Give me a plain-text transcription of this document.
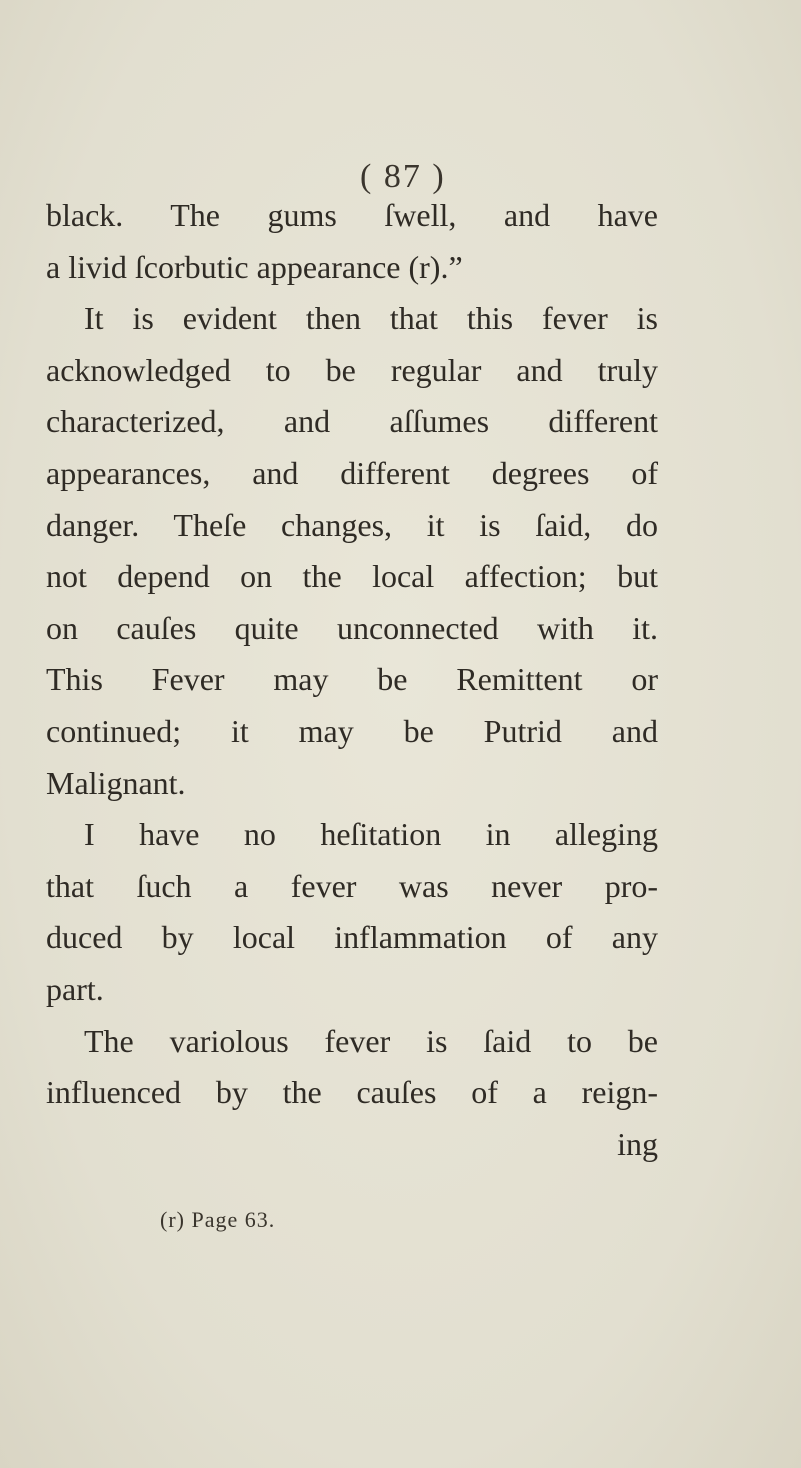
( 87 )
black. The gums ſwell, and have
a livid ſcorbutic appearance (r).”
It is evident then that this fever is
acknowledged to be regular and truly
characterized, and aſſumes different
appearances, and different degrees of
danger. Theſe changes, it is ſaid, do
not depend on the local affection; but
on cauſes quite unconnected with it.
This Fever may be Remittent or
continued; it may be Putrid and
Malignant.
I have no heſitation in alleging
that ſuch a fever was never pro-
duced by local inflammation of any
part.
The variolous fever is ſaid to be
influenced by the cauſes of a reign-
ing
(r) Page 63.
